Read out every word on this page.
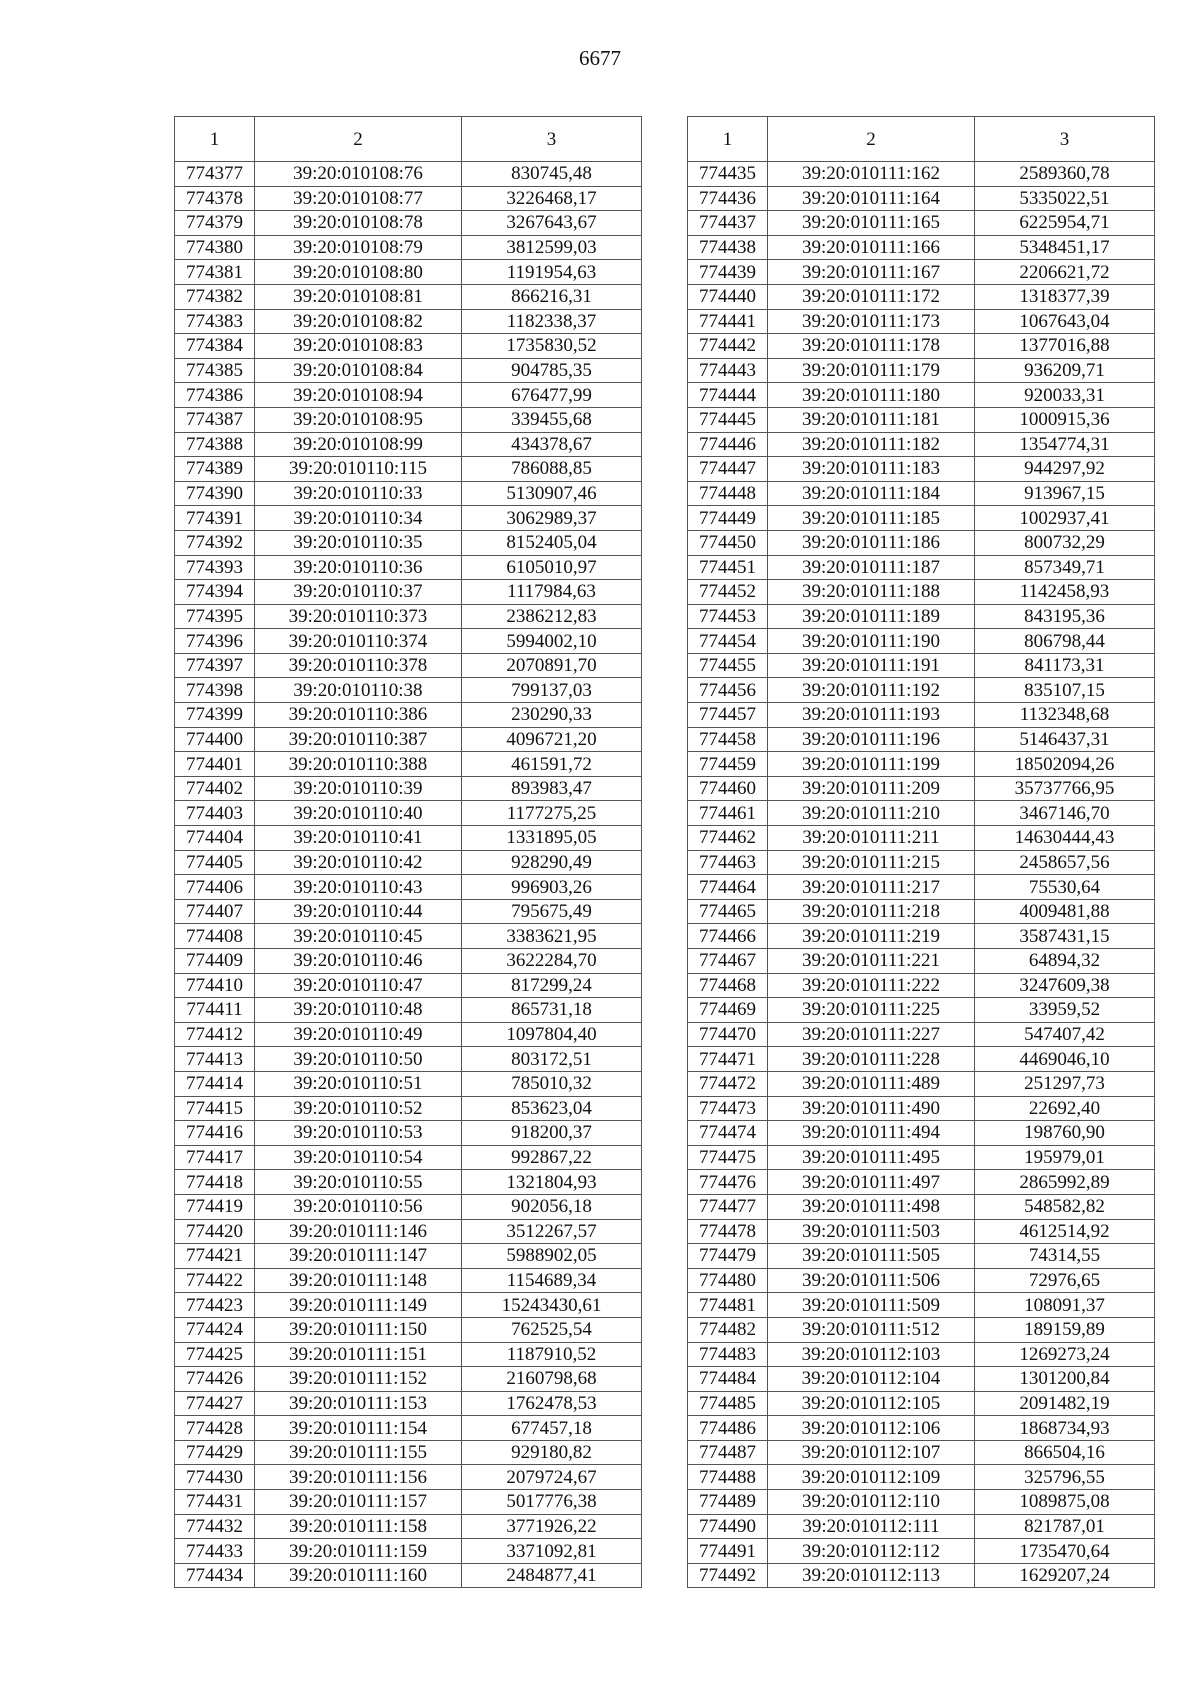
6677
1	2	3
774377	39:20:010108:76	830745,48
774378	39:20:010108:77	3226468,17
774379	39:20:010108:78	3267643,67
774380	39:20:010108:79	3812599,03
774381	39:20:010108:80	1191954,63
774382	39:20:010108:81	866216,31
774383	39:20:010108:82	1182338,37
774384	39:20:010108:83	1735830,52
774385	39:20:010108:84	904785,35
774386	39:20:010108:94	676477,99
774387	39:20:010108:95	339455,68
774388	39:20:010108:99	434378,67
774389	39:20:010110:115	786088,85
774390	39:20:010110:33	5130907,46
774391	39:20:010110:34	3062989,37
774392	39:20:010110:35	8152405,04
774393	39:20:010110:36	6105010,97
774394	39:20:010110:37	1117984,63
774395	39:20:010110:373	2386212,83
774396	39:20:010110:374	5994002,10
774397	39:20:010110:378	2070891,70
774398	39:20:010110:38	799137,03
774399	39:20:010110:386	230290,33
774400	39:20:010110:387	4096721,20
774401	39:20:010110:388	461591,72
774402	39:20:010110:39	893983,47
774403	39:20:010110:40	1177275,25
774404	39:20:010110:41	1331895,05
774405	39:20:010110:42	928290,49
774406	39:20:010110:43	996903,26
774407	39:20:010110:44	795675,49
774408	39:20:010110:45	3383621,95
774409	39:20:010110:46	3622284,70
774410	39:20:010110:47	817299,24
774411	39:20:010110:48	865731,18
774412	39:20:010110:49	1097804,40
774413	39:20:010110:50	803172,51
774414	39:20:010110:51	785010,32
774415	39:20:010110:52	853623,04
774416	39:20:010110:53	918200,37
774417	39:20:010110:54	992867,22
774418	39:20:010110:55	1321804,93
774419	39:20:010110:56	902056,18
774420	39:20:010111:146	3512267,57
774421	39:20:010111:147	5988902,05
774422	39:20:010111:148	1154689,34
774423	39:20:010111:149	15243430,61
774424	39:20:010111:150	762525,54
774425	39:20:010111:151	1187910,52
774426	39:20:010111:152	2160798,68
774427	39:20:010111:153	1762478,53
774428	39:20:010111:154	677457,18
774429	39:20:010111:155	929180,82
774430	39:20:010111:156	2079724,67
774431	39:20:010111:157	5017776,38
774432	39:20:010111:158	3771926,22
774433	39:20:010111:159	3371092,81
774434	39:20:010111:160	2484877,41
1	2	3
774435	39:20:010111:162	2589360,78
774436	39:20:010111:164	5335022,51
774437	39:20:010111:165	6225954,71
774438	39:20:010111:166	5348451,17
774439	39:20:010111:167	2206621,72
774440	39:20:010111:172	1318377,39
774441	39:20:010111:173	1067643,04
774442	39:20:010111:178	1377016,88
774443	39:20:010111:179	936209,71
774444	39:20:010111:180	920033,31
774445	39:20:010111:181	1000915,36
774446	39:20:010111:182	1354774,31
774447	39:20:010111:183	944297,92
774448	39:20:010111:184	913967,15
774449	39:20:010111:185	1002937,41
774450	39:20:010111:186	800732,29
774451	39:20:010111:187	857349,71
774452	39:20:010111:188	1142458,93
774453	39:20:010111:189	843195,36
774454	39:20:010111:190	806798,44
774455	39:20:010111:191	841173,31
774456	39:20:010111:192	835107,15
774457	39:20:010111:193	1132348,68
774458	39:20:010111:196	5146437,31
774459	39:20:010111:199	18502094,26
774460	39:20:010111:209	35737766,95
774461	39:20:010111:210	3467146,70
774462	39:20:010111:211	14630444,43
774463	39:20:010111:215	2458657,56
774464	39:20:010111:217	75530,64
774465	39:20:010111:218	4009481,88
774466	39:20:010111:219	3587431,15
774467	39:20:010111:221	64894,32
774468	39:20:010111:222	3247609,38
774469	39:20:010111:225	33959,52
774470	39:20:010111:227	547407,42
774471	39:20:010111:228	4469046,10
774472	39:20:010111:489	251297,73
774473	39:20:010111:490	22692,40
774474	39:20:010111:494	198760,90
774475	39:20:010111:495	195979,01
774476	39:20:010111:497	2865992,89
774477	39:20:010111:498	548582,82
774478	39:20:010111:503	4612514,92
774479	39:20:010111:505	74314,55
774480	39:20:010111:506	72976,65
774481	39:20:010111:509	108091,37
774482	39:20:010111:512	189159,89
774483	39:20:010112:103	1269273,24
774484	39:20:010112:104	1301200,84
774485	39:20:010112:105	2091482,19
774486	39:20:010112:106	1868734,93
774487	39:20:010112:107	866504,16
774488	39:20:010112:109	325796,55
774489	39:20:010112:110	1089875,08
774490	39:20:010112:111	821787,01
774491	39:20:010112:112	1735470,64
774492	39:20:010112:113	1629207,24
